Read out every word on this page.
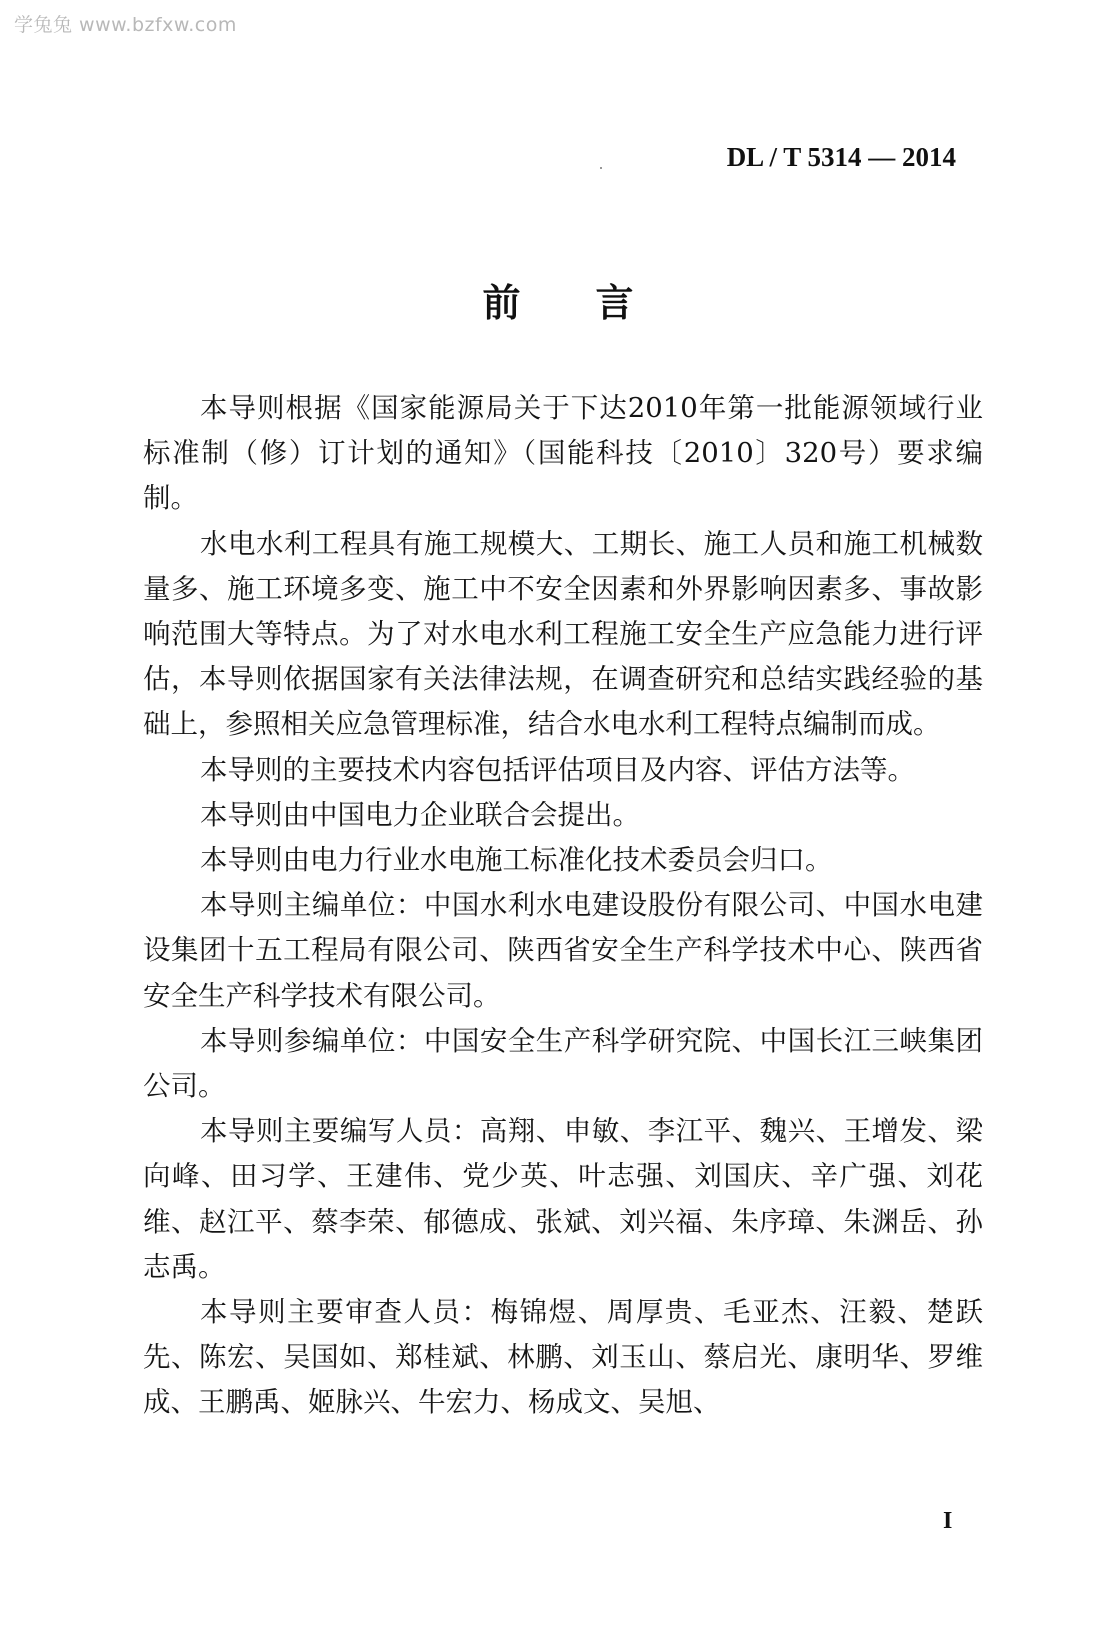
学兔兔 www.bzfxw.com
DL / T 5314 — 2014
前言

本导则根据《国家能源局关于下达2010年第一批能源领域行业标准制（修）订计划的通知》（国能科技〔2010〕320号）要求编制。

水电水利工程具有施工规模大、工期长、施工人员和施工机械数量多、施工环境多变、施工中不安全因素和外界影响因素多、事故影响范围大等特点。为了对水电水利工程施工安全生产应急能力进行评估，本导则依据国家有关法律法规，在调查研究和总结实践经验的基础上，参照相关应急管理标准，结合水电水利工程特点编制而成。

本导则的主要技术内容包括评估项目及内容、评估方法等。

本导则由中国电力企业联合会提出。

本导则由电力行业水电施工标准化技术委员会归口。

本导则主编单位：中国水利水电建设股份有限公司、中国水电建设集团十五工程局有限公司、陕西省安全生产科学技术中心、陕西省安全生产科学技术有限公司。

本导则参编单位：中国安全生产科学研究院、中国长江三峡集团公司。

本导则主要编写人员：高翔、申敏、李江平、魏兴、王增发、梁向峰、田习学、王建伟、党少英、叶志强、刘国庆、辛广强、刘花维、赵江平、蔡李荣、郁德成、张斌、刘兴福、朱序璋、朱渊岳、孙志禹。

本导则主要审查人员：梅锦煜、周厚贵、毛亚杰、汪毅、楚跃先、陈宏、吴国如、郑桂斌、林鹏、刘玉山、蔡启光、康明华、罗维成、王鹏禹、姬脉兴、牛宏力、杨成文、吴旭、

I
